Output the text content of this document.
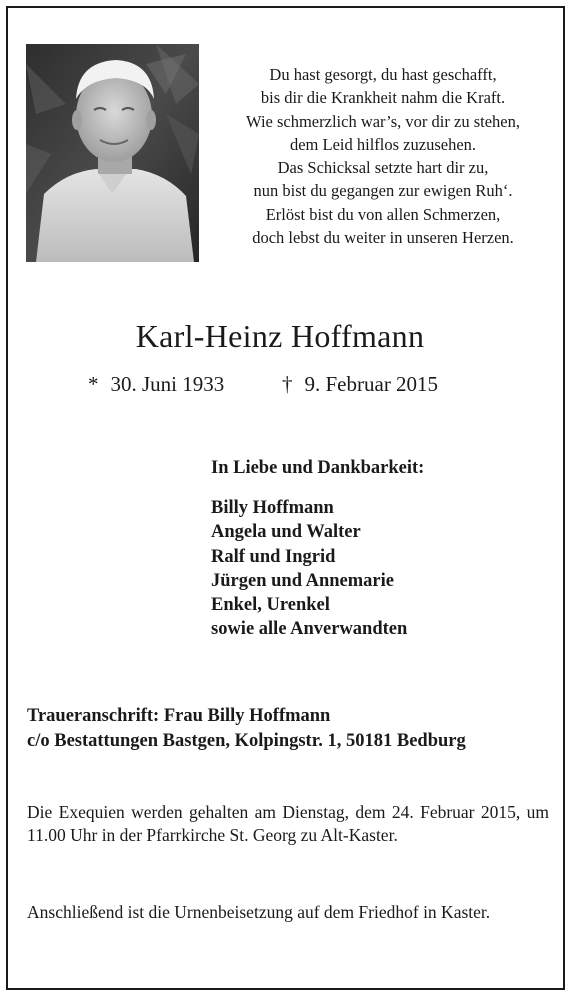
Du hast gesorgt, du hast geschafft,
bis dir die Krankheit nahm die Kraft.
Wie schmerzlich war’s, vor dir zu stehen,
dem Leid hilflos zuzusehen.
Das Schicksal setzte hart dir zu,
nun bist du gegangen zur ewigen Ruh‘.
Erlöst bist du von allen Schmerzen,
doch lebst du weiter in unseren Herzen.
Karl-Heinz Hoffmann
* 30. Juni 1933	† 9. Februar 2015
In Liebe und Dankbarkeit:
Billy Hoffmann
Angela und Walter
Ralf und Ingrid
Jürgen und Annemarie
Enkel, Urenkel
sowie alle Anverwandten
Traueranschrift: Frau Billy Hoffmann
c/o Bestattungen Bastgen, Kolpingstr. 1, 50181 Bedburg
Die Exequien werden gehalten am Dienstag, dem 24. Februar 2015, um 11.00 Uhr in der Pfarrkirche St. Georg zu Alt-Kaster.
Anschließend ist die Urnenbeisetzung auf dem Friedhof in Kaster.
